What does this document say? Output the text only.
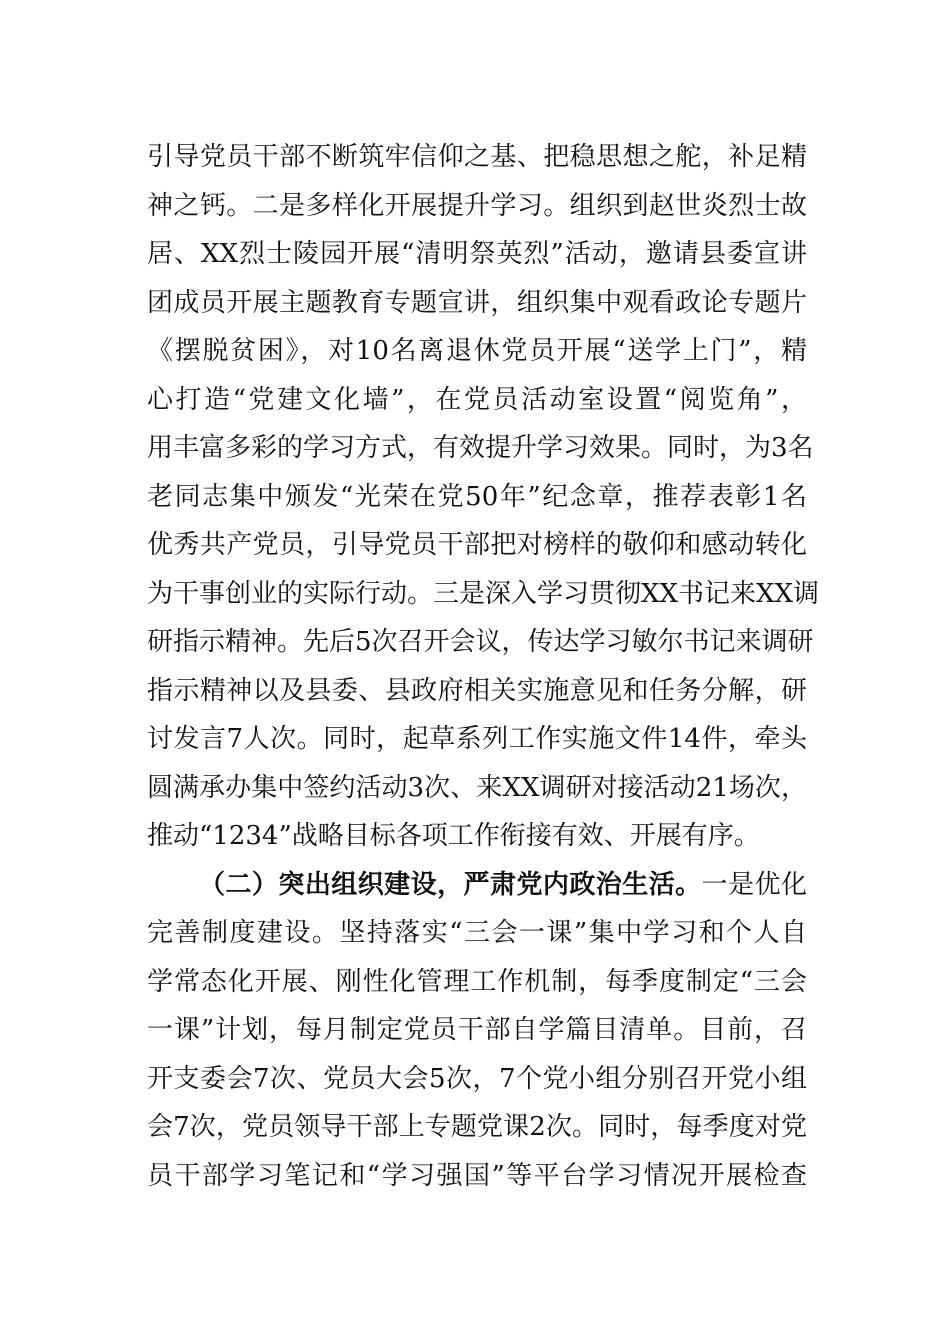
引导党员干部不断筑牢信仰之基、把稳思想之舵，补足精
神之钙。二是多样化开展提升学习。组织到赵世炎烈士故
居、XX烈士陵园开展“清明祭英烈”活动，邀请县委宣讲
团成员开展主题教育专题宣讲，组织集中观看政论专题片
《摆脱贫困》，对10名离退休党员开展“送学上门”，精
心打造“党建文化墙”，在党员活动室设置“阅览角”，
用丰富多彩的学习方式，有效提升学习效果。同时，为3名
老同志集中颁发“光荣在党50年”纪念章，推荐表彰1名
优秀共产党员，引导党员干部把对榜样的敬仰和感动转化
为干事创业的实际行动。三是深入学习贯彻XX书记来XX调
研指示精神。先后5次召开会议，传达学习敏尔书记来调研
指示精神以及县委、县政府相关实施意见和任务分解，研
讨发言7人次。同时，起草系列工作实施文件14件，牵头
圆满承办集中签约活动3次、来XX调研对接活动21场次，
推动“1234”战略目标各项工作衔接有效、开展有序。
（二）突出组织建设，严肃党内政治生活。一是优化
完善制度建设。坚持落实“三会一课”集中学习和个人自
学常态化开展、刚性化管理工作机制，每季度制定“三会
一课”计划，每月制定党员干部自学篇目清单。目前，召
开支委会7次、党员大会5次，7个党小组分别召开党小组
会7次，党员领导干部上专题党课2次。同时，每季度对党
员干部学习笔记和“学习强国”等平台学习情况开展检查
